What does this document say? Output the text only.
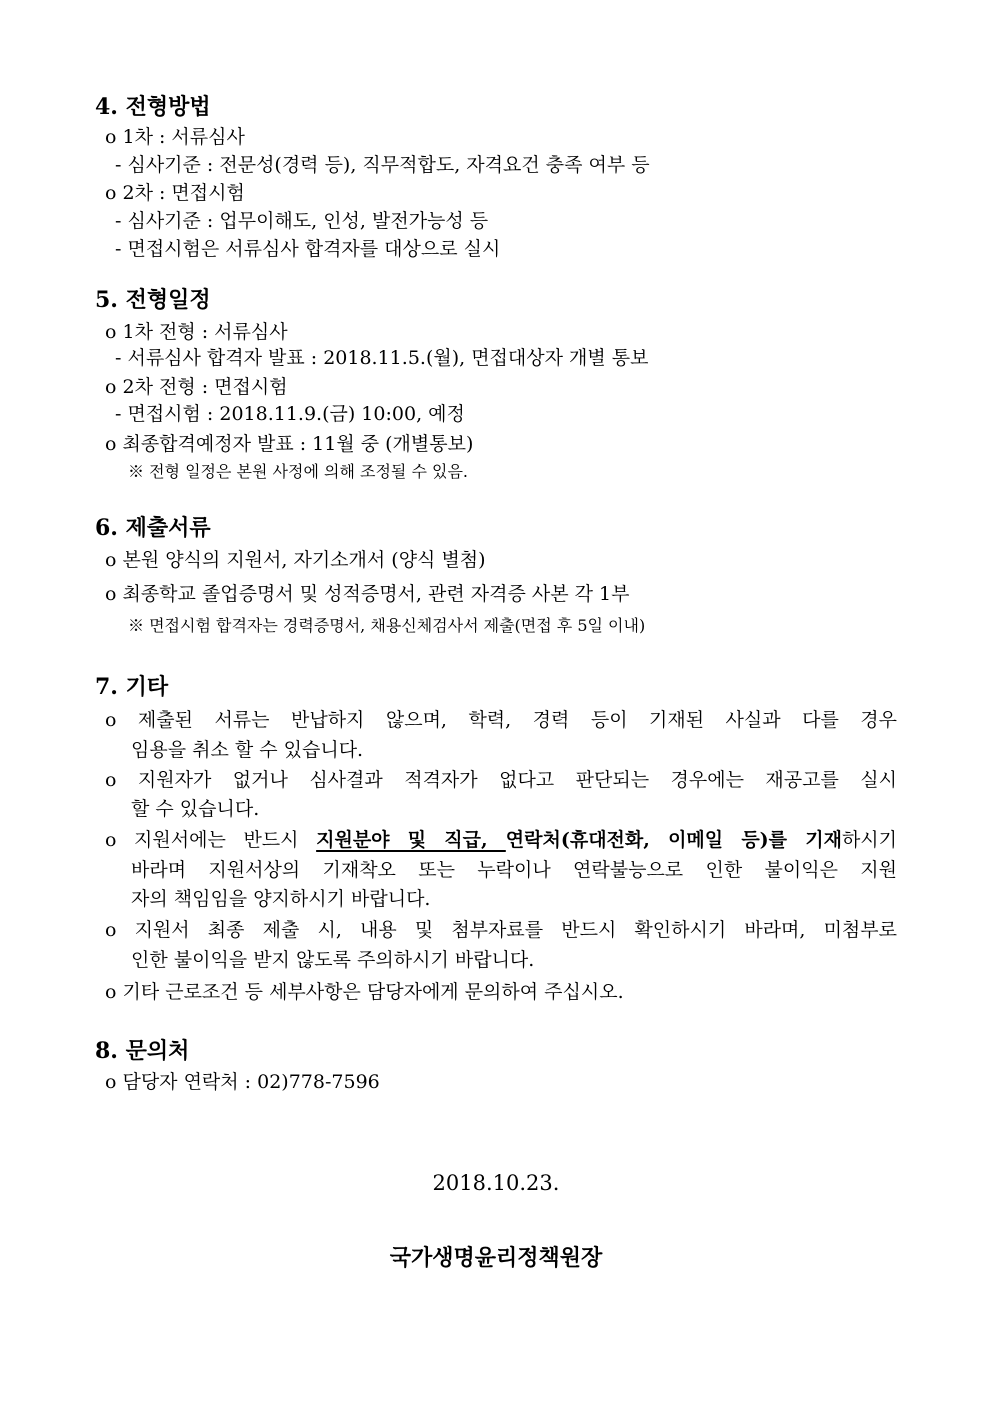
4. 전형방법
o 1차 : 서류심사
- 심사기준 : 전문성(경력 등), 직무적합도, 자격요건 충족 여부 등
o 2차 : 면접시험
- 심사기준 : 업무이해도, 인성, 발전가능성 등
- 면접시험은 서류심사 합격자를 대상으로 실시
5. 전형일정
o 1차 전형 : 서류심사
- 서류심사 합격자 발표 : 2018.11.5.(월), 면접대상자 개별 통보
o 2차 전형 : 면접시험
- 면접시험 : 2018.11.9.(금) 10:00, 예정
o 최종합격예정자 발표 : 11월 중 (개별통보)
※ 전형 일정은 본원 사정에 의해 조정될 수 있음.
6. 제출서류
o 본원 양식의 지원서, 자기소개서 (양식 별첨)
o 최종학교 졸업증명서 및 성적증명서, 관련 자격증 사본 각 1부
※ 면접시험 합격자는 경력증명서, 채용신체검사서 제출(면접 후 5일 이내)
7. 기타
o 제출된 서류는 반납하지 않으며, 학력, 경력 등이 기재된 사실과 다를 경우
임용을 취소 할 수 있습니다.
o 지원자가 없거나 심사결과 적격자가 없다고 판단되는 경우에는 재공고를 실시
할 수 있습니다.
o 지원서에는 반드시 지원분야 및 직급, 연락처(휴대전화, 이메일 등)를 기재하시기
바라며 지원서상의 기재착오 또는 누락이나 연락불능으로 인한 불이익은 지원
자의 책임임을 양지하시기 바랍니다.
o 지원서 최종 제출 시, 내용 및 첨부자료를 반드시 확인하시기 바라며, 미첨부로
인한 불이익을 받지 않도록 주의하시기 바랍니다.
o 기타 근로조건 등 세부사항은 담당자에게 문의하여 주십시오.
8. 문의처
o 담당자 연락처 : 02)778-7596
2018.10.23.
국가생명윤리정책원장
